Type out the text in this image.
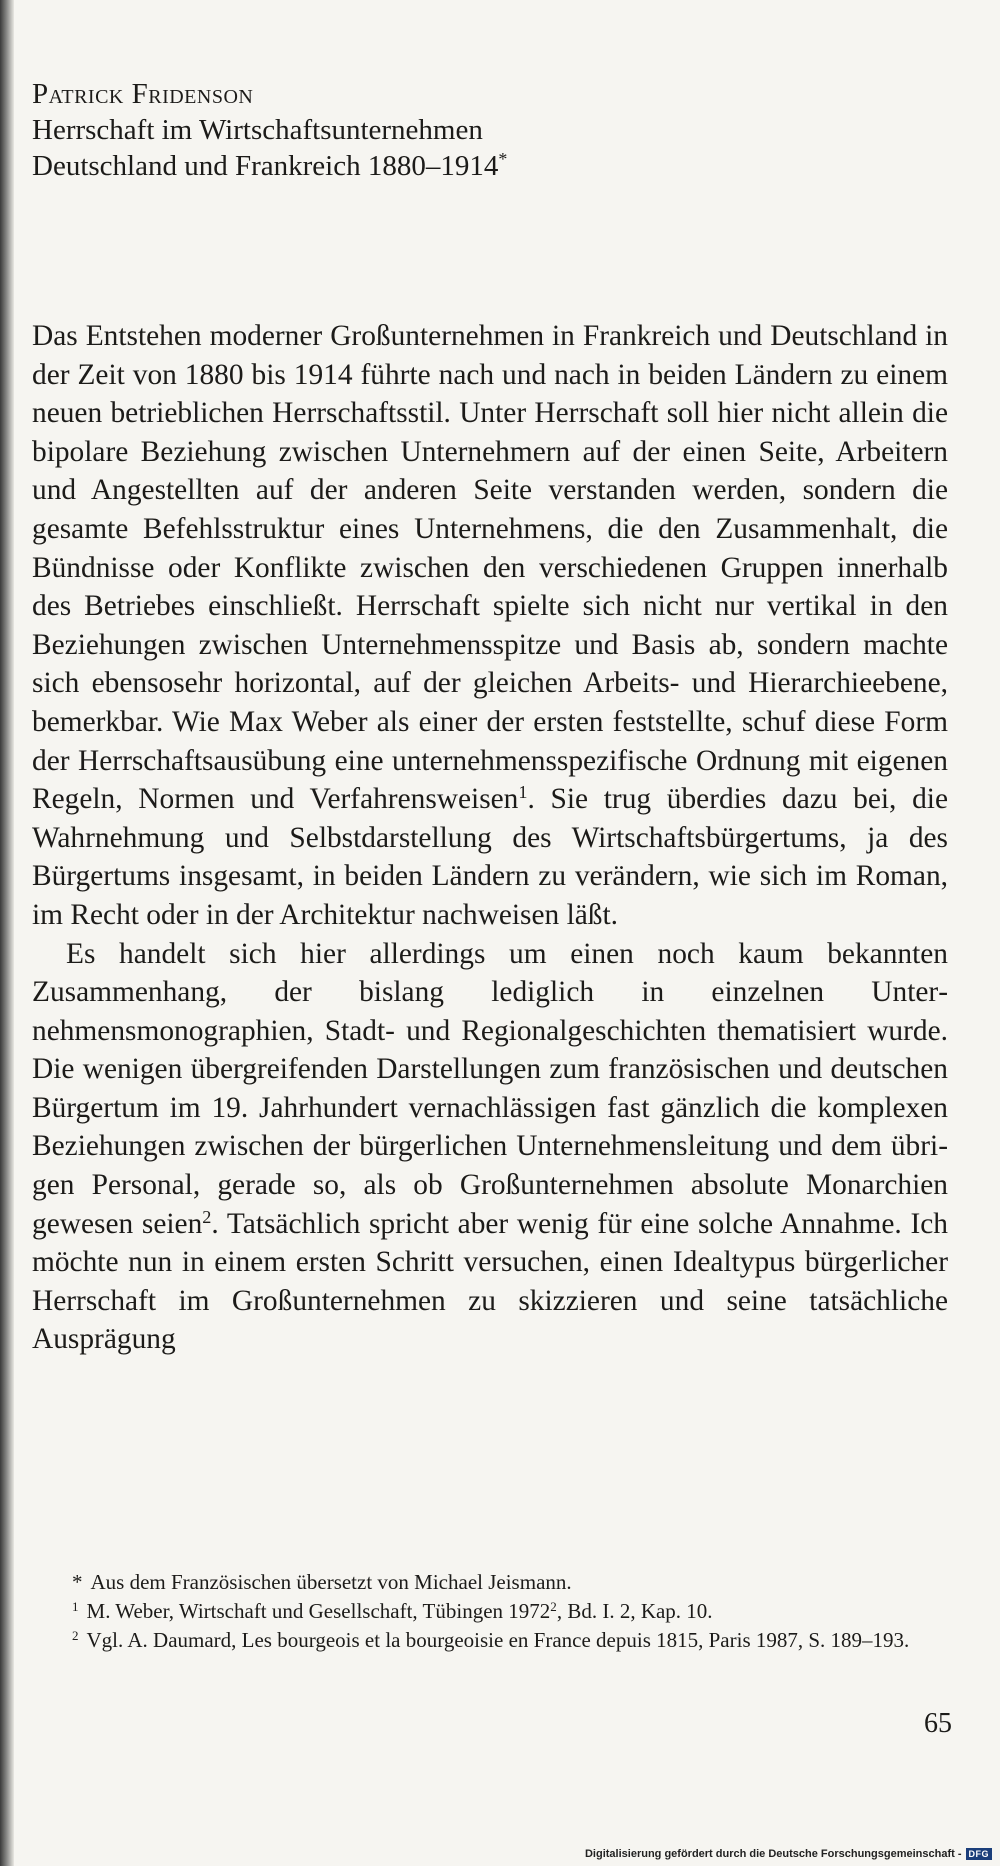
Patrick Fridenson
Herrschaft im Wirtschaftsunternehmen
Deutschland und Frankreich 1880–1914*

Das Entstehen moderner Großunternehmen in Frankreich und Deutschland in der Zeit von 1880 bis 1914 führte nach und nach in beiden Ländern zu einem neuen betrieblichen Herrschaftsstil. Unter Herrschaft soll hier nicht allein die bipolare Beziehung zwischen Unternehmern auf der einen Seite, Arbeitern und Angestellten auf der anderen Seite verstanden werden, sondern die gesamte Befehlsstruktur eines Unternehmens, die den Zusammenhalt, die Bündnisse oder Konflikte zwischen den verschiedenen Gruppen innerhalb des Betriebes einschließt. Herrschaft spielte sich nicht nur vertikal in den Beziehungen zwischen Unternehmensspitze und Basis ab, sondern machte sich ebensosehr horizontal, auf der gleichen Arbeits- und Hierarchieebene, bemerkbar. Wie Max Weber als einer der ersten feststellte, schuf diese Form der Herrschaftsausübung eine unternehmensspezifische Ordnung mit eigenen Regeln, Normen und Verfahrensweisen$^1$. Sie trug überdies dazu bei, die Wahrnehmung und Selbstdarstellung des Wirtschaftsbürgertums, ja des Bürgertums insgesamt, in beiden Ländern zu verändern, wie sich im Roman, im Recht oder in der Architektur nachweisen läßt.

Es handelt sich hier allerdings um einen noch kaum bekannten Zusammenhang, der bislang lediglich in einzelnen Unternehmensmonographien, Stadt- und Regionalgeschichten thematisiert wurde. Die wenigen übergreifenden Darstellungen zum französischen und deutschen Bürgertum im 19. Jahrhundert vernachlässigen fast gänzlich die komplexen Beziehungen zwischen der bürgerlichen Unternehmensleitung und dem übrigen Personal, gerade so, als ob Großunternehmen absolute Monarchien gewesen seien$^2$. Tatsächlich spricht aber wenig für eine solche Annahme. Ich möchte nun in einem ersten Schritt versuchen, einen Idealtypus bürgerlicher Herrschaft im Großunternehmen zu skizzieren und seine tatsächliche Ausprägung

* Aus dem Französischen übersetzt von Michael Jeismann.
$^1$ M. Weber, Wirtschaft und Gesellschaft, Tübingen 1972$^2$, Bd. I. 2, Kap. 10.
$^2$ Vgl. A. Daumard, Les bourgeois et la bourgeoisie en France depuis 1815, Paris 1987, S. 189–193.
65
Digitalisierung gefördert durch die Deutsche Forschungsgemeinschaft - DFG
